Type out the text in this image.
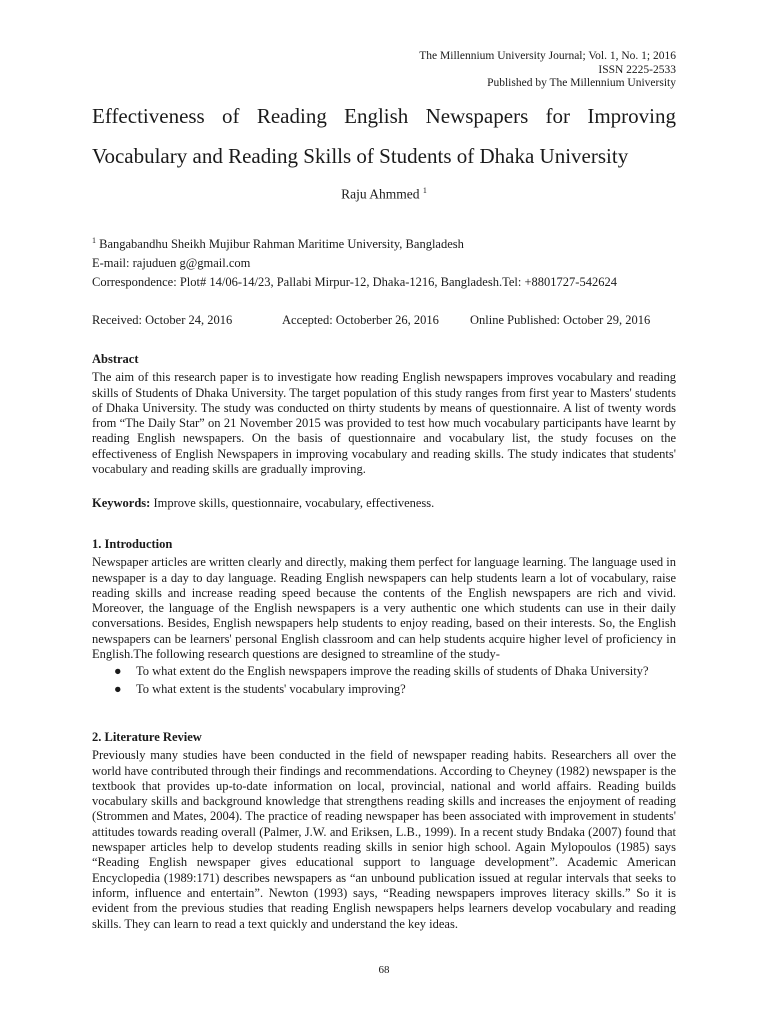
The Millennium University Journal; Vol. 1, No. 1; 2016
ISSN 2225-2533
Published by The Millennium University
Effectiveness of Reading English Newspapers for Improving
Vocabulary and Reading Skills of Students of Dhaka University
Raju Ahmmed $^1$
$^1$ Bangabandhu Sheikh Mujibur Rahman Maritime University, Bangladesh
E-mail: rajuduen g@gmail.com
Correspondence: Plot# 14/06-14/23, Pallabi Mirpur-12, Dhaka-1216, Bangladesh.Tel: +8801727-542624
Received: October 24, 2016	Accepted: Octoberber 26, 2016 Online Published: October 29, 2016
Abstract

The aim of this research paper is to investigate how reading English newspapers improves vocabulary and reading skills of Students of Dhaka University. The target population of this study ranges from first year to Masters' students of Dhaka University. The study was conducted on thirty students by means of questionnaire. A list of twenty words from “The Daily Star” on 21 November 2015 was provided to test how much vocabulary participants have learnt by reading English newspapers. On the basis of questionnaire and vocabulary list, the study focuses on the effectiveness of English Newspapers in improving vocabulary and reading skills. The study indicates that students' vocabulary and reading skills are gradually improving.

Keywords: Improve skills, questionnaire, vocabulary, effectiveness.
1. Introduction

Newspaper articles are written clearly and directly, making them perfect for language learning. The language used in newspaper is a day to day language. Reading English newspapers can help students learn a lot of vocabulary, raise reading skills and increase reading speed because the contents of the English newspapers are rich and vivid. Moreover, the language of the English newspapers is a very authentic one which students can use in their daily conversations. Besides, English newspapers help students to enjoy reading, based on their interests. So, the English newspapers can be learners' personal English classroom and can help students acquire higher level of proficiency in English.The following research questions are designed to streamline of the study-

● To what extent do the English newspapers improve the reading skills of students of Dhaka University?
● To what extent is the students' vocabulary improving?
2. Literature Review

Previously many studies have been conducted in the field of newspaper reading habits. Researchers all over the world have contributed through their findings and recommendations. According to Cheyney (1982) newspaper is the textbook that provides up-to-date information on local, provincial, national and world affairs. Reading builds vocabulary skills and background knowledge that strengthens reading skills and increases the enjoyment of reading (Strommen and Mates, 2004). The practice of reading newspaper has been associated with improvement in students' attitudes towards reading overall (Palmer, J.W. and Eriksen, L.B., 1999). In a recent study Bndaka (2007) found that newspaper articles help to develop students reading skills in senior high school. Again Mylopoulos (1985) says “Reading English newspaper gives educational support to language development”. Academic American Encyclopedia (1989:171) describes newspapers as “an unbound publication issued at regular intervals that seeks to inform, influence and entertain”. Newton (1993) says, “Reading newspapers improves literacy skills.” So it is evident from the previous studies that reading English newspapers helps learners develop vocabulary and reading skills. They can learn to read a text quickly and understand the key ideas.

68
